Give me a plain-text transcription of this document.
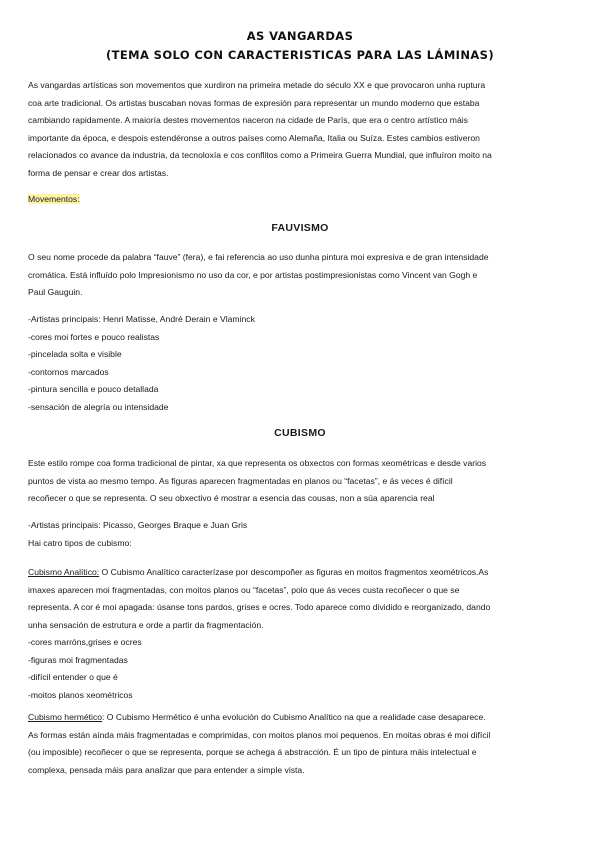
AS VANGARDAS
(TEMA SOLO CON CARACTERISTICAS PARA LAS LÁMINAS)
As vangardas artísticas son movementos que xurdiron na primeira metade do século XX e que provocaron unha ruptura
coa arte tradicional. Os artistas buscaban novas formas de expresión para representar un mundo moderno que estaba
cambiando rapidamente. A maioría destes movementos naceron na cidade de París, que era o centro artístico máis
importante da época, e despois estendéronse a outros países como Alemaña, Italia ou Suíza. Estes cambios estiveron
relacionados co avance da industria, da tecnoloxía e cos conflitos como a Primeira Guerra Mundial, que influíron moito na
forma de pensar e crear dos artistas.
Movementos:
FAUVISMO
O seu nome procede da palabra “fauve” (fera), e fai referencia ao uso dunha pintura moi expresiva e de gran intensidade
cromática. Está influído polo Impresionismo no uso da cor, e por artistas postimpresionistas como Vincent van Gogh e
Paul Gauguin.
-Artistas principais: Henri Matisse, André Derain e Vlaminck
-cores moi fortes e pouco realistas
-pincelada solta e visible
-contornos marcados
-pintura sencilla e pouco detallada
-sensación de alegría ou intensidade
CUBISMO
Este estilo rompe coa forma tradicional de pintar, xa que representa os obxectos con formas xeométricas e desde varios
puntos de vista ao mesmo tempo. As figuras aparecen fragmentadas en planos ou “facetas”, e ás veces é difícil
recoñecer o que se representa. O seu obxectivo é mostrar a esencia das cousas, non a súa aparencia real
-Artistas principais: Picasso, Georges Braque e Juan Gris
Hai catro tipos de cubismo:
Cubismo Analítico: O Cubismo Analítico caracterízase por descompoñer as figuras en moitos fragmentos xeométricos.As
imaxes aparecen moi fragmentadas, con moitos planos ou “facetas”, polo que ás veces custa recoñecer o que se
representa. A cor é moi apagada: úsanse tons pardos, grises e ocres. Todo aparece como dividido e reorganizado, dando
unha sensación de estrutura e orde a partir da fragmentación.
-cores marróns,grises e ocres
-figuras moi fragmentadas
-difícil entender o que é
-moitos planos xeométricos
Cubismo hermético: O Cubismo Hermético é unha evolución do Cubismo Analítico na que a realidade case desaparece.
As formas están aínda máis fragmentadas e comprimidas, con moitos planos moi pequenos. En moitas obras é moi difícil
(ou imposible) recoñecer o que se representa, porque se achega á abstracción. É un tipo de pintura máis intelectual e
complexa, pensada máis para analizar que para entender a simple vista.
